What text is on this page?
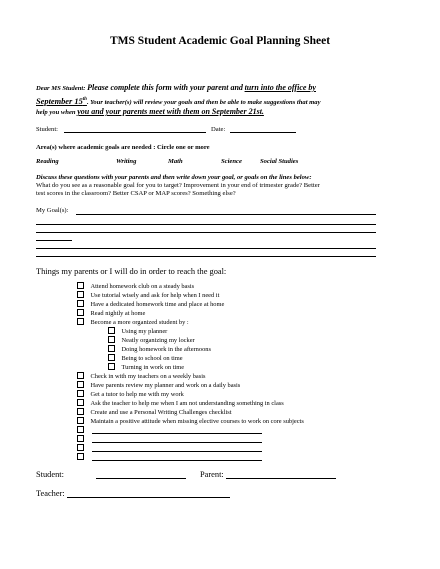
TMS Student Academic Goal Planning Sheet
Dear MS Student: Please complete this form with your parent and turn into the office by
September 15th. Your teacher(s) will review your goals and then be able to make suggestions that may
help you when you and your parents meet with them on September 21st.
Student:	Date:
Area(s) where academic goals are needed : Circle one or more
Reading	Writing	Math	Science	Social Studies
Discuss these questions with your parents and then write down your goal, or goals on the lines below:
What do you see as a reasonable goal for you to target? Improvement in your end of trimester grade? Better
test scores in the classroom? Better CSAP or MAP scores? Something else?
My Goal(s):
Things my parents or I will do in order to reach the goal:
Attend homework club on a steady basis
Use tutorial wisely and ask for help when I need it
Have a dedicated homework time and place at home
Read nightly at home
Become a more organized student by :
Using my planner
Neatly organizing my locker
Doing homework in the afternoons
Being to school on time
Turning in work on time
Check in with my teachers on a weekly basis
Have parents review my planner and work on a daily basis
Get a tutor to help me with my work
Ask the teacher to help me when I am not understanding something in class
Create and use a Personal Writing Challenges checklist
Maintain a positive attitude when missing elective courses to work on core subjects
Student:	Parent:
Teacher:
